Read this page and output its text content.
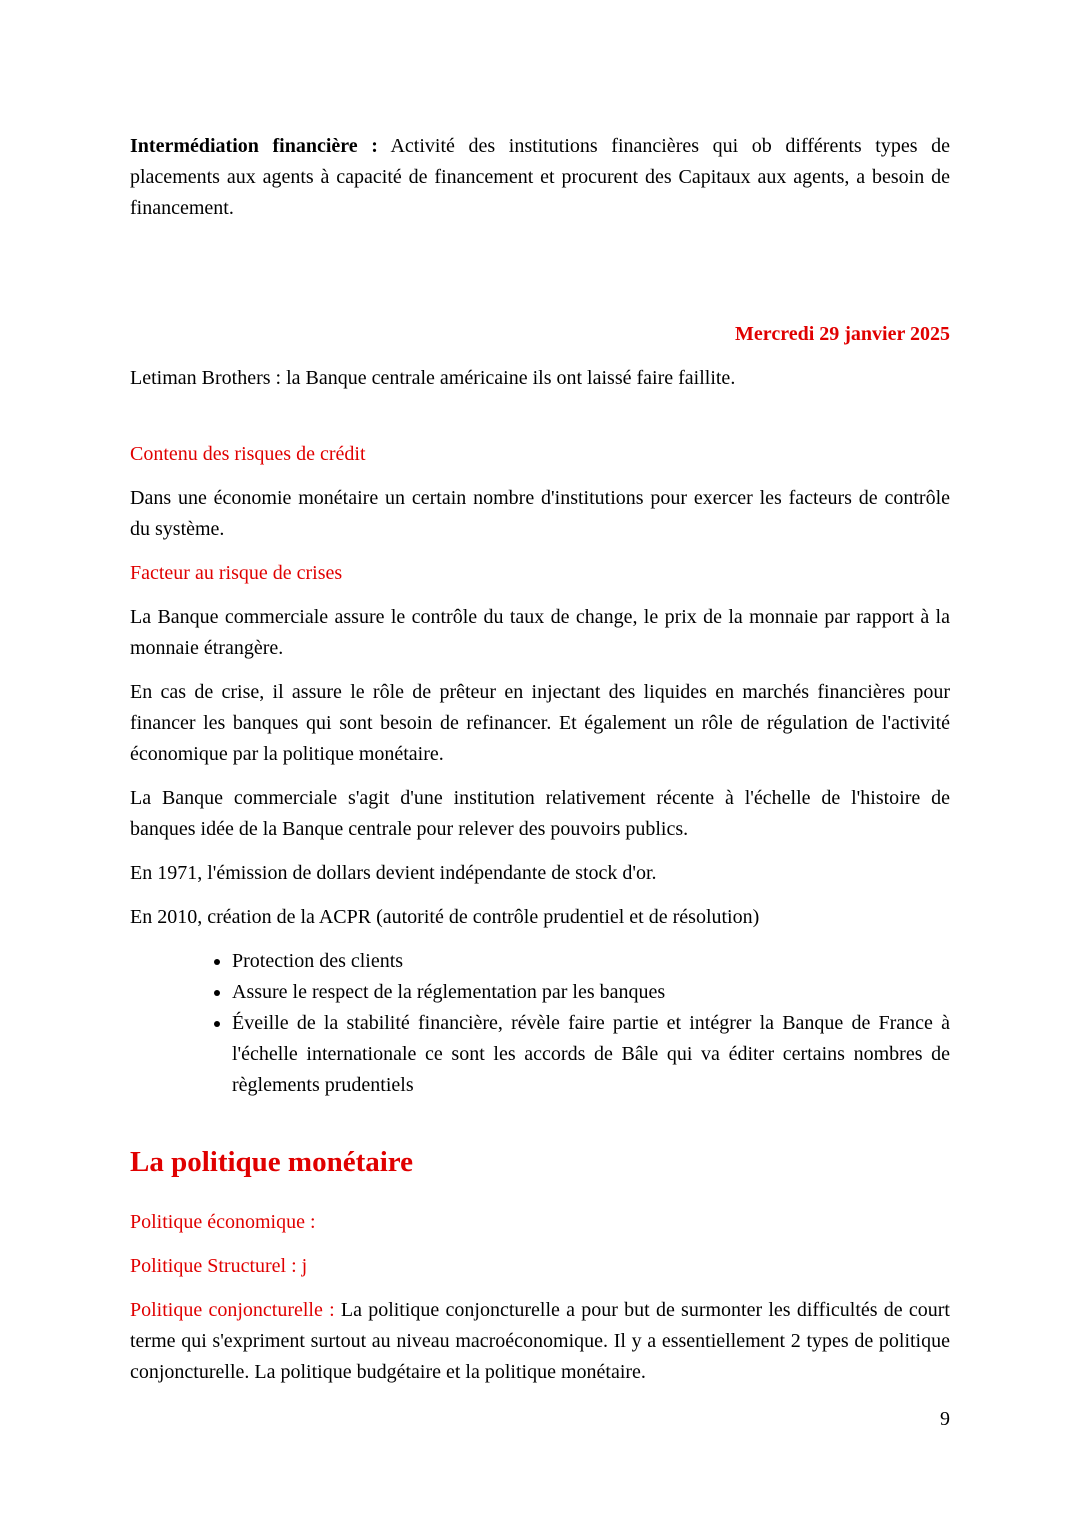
Intermédiation financière : Activité des institutions financières qui ob différents types de placements aux agents à capacité de financement et procurent des Capitaux aux agents, a besoin de financement.

Mercredi 29 janvier 2025

Letiman Brothers : la Banque centrale américaine ils ont laissé faire faillite.

Contenu des risques de crédit

Dans une économie monétaire un certain nombre d'institutions pour exercer les facteurs de contrôle du système.

Facteur au risque de crises

La Banque commerciale assure le contrôle du taux de change, le prix de la monnaie par rapport à la monnaie étrangère.

En cas de crise, il assure le rôle de prêteur en injectant des liquides en marchés financières pour financer les banques qui sont besoin de refinancer. Et également un rôle de régulation de l'activité économique par la politique monétaire.

La Banque commerciale s'agit d'une institution relativement récente à l'échelle de l'histoire de banques idée de la Banque centrale pour relever des pouvoirs publics.

En 1971, l'émission de dollars devient indépendante de stock d'or.

En 2010, création de la ACPR (autorité de contrôle prudentiel et de résolution)

• Protection des clients
• Assure le respect de la réglementation par les banques
• Éveille de la stabilité financière, révèle faire partie et intégrer la Banque de France à l'échelle internationale ce sont les accords de Bâle qui va éditer certains nombres de règlements prudentiels
La politique monétaire

Politique économique :

Politique Structurel : j

Politique conjoncturelle : La politique conjoncturelle a pour but de surmonter les difficultés de court terme qui s'expriment surtout au niveau macroéconomique. Il y a essentiellement 2 types de politique conjoncturelle. La politique budgétaire et la politique monétaire.

9
